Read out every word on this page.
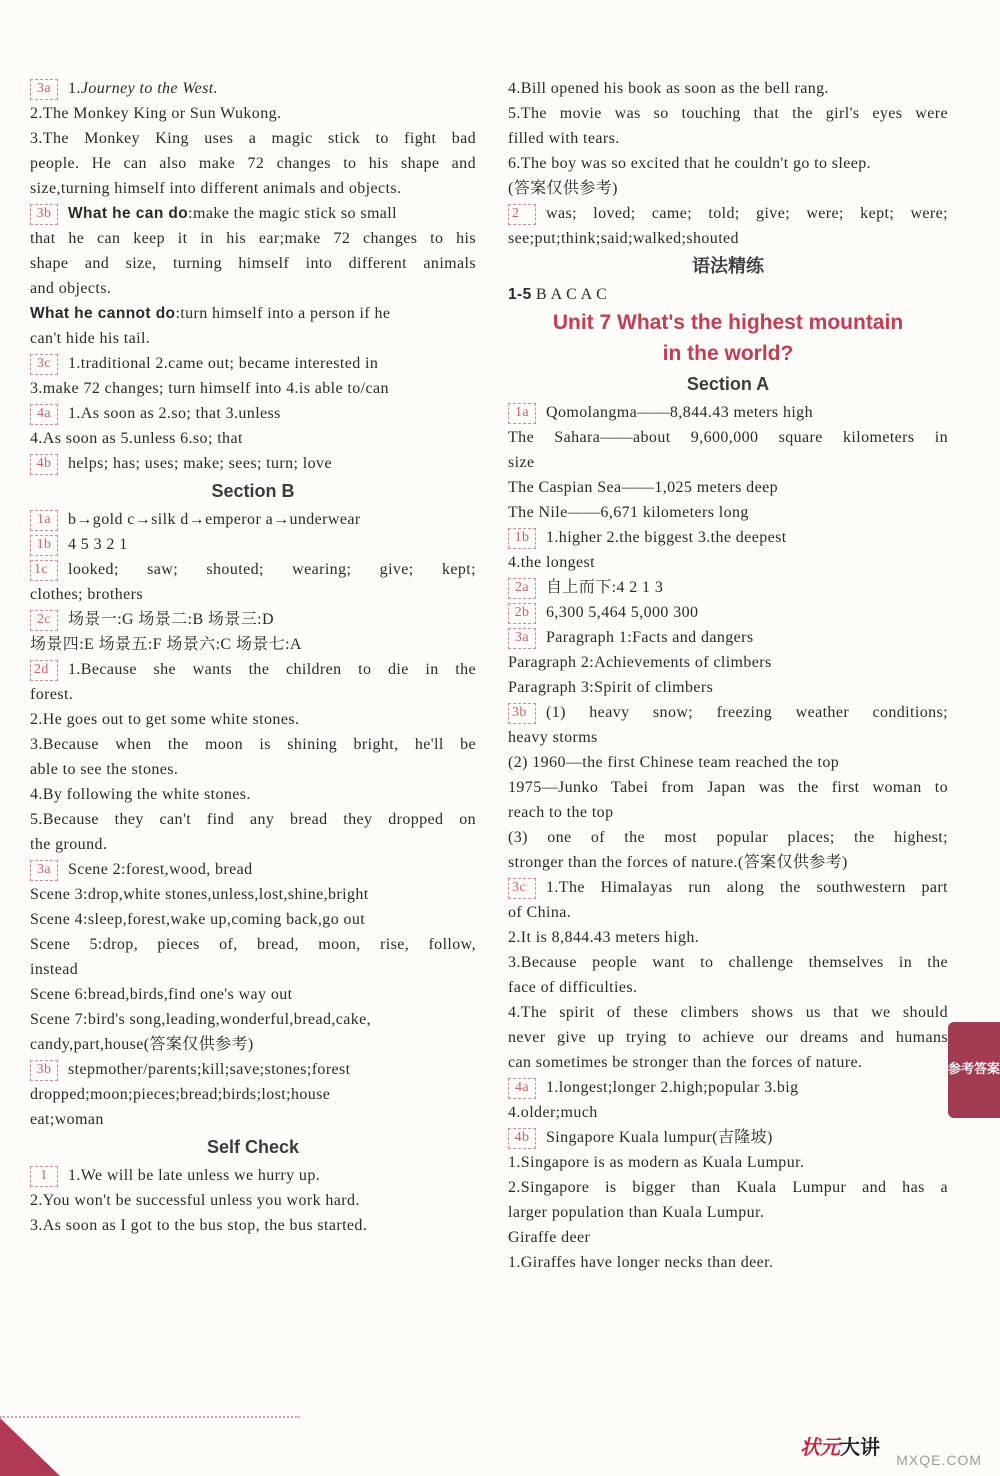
3a 1.Journey to the West.
2.The Monkey King or Sun Wukong.
3.The Monkey King uses a magic stick to fight bad
people. He can also make 72 changes to his shape and
size,turning himself into different animals and objects.
3b What he can do:make the magic stick so small
that he can keep it in his ear;make 72 changes to his
shape and size, turning himself into different animals
and objects.
What he cannot do:turn himself into a person if he
can't hide his tail.
3c 1.traditional 2.came out; became interested in
3.make 72 changes; turn himself into 4.is able to/can
4a 1.As soon as 2.so; that 3.unless
4.As soon as 5.unless 6.so; that
4b helps; has; uses; make; sees; turn; love
Section B
1a b→gold c→silk d→emperor a→underwear
1b 4 5 3 2 1
1c looked; saw; shouted; wearing; give; kept;
clothes; brothers
2c 场景一:G 场景二:B 场景三:D
场景四:E 场景五:F 场景六:C 场景七:A
2d 1.Because she wants the children to die in the
forest.
2.He goes out to get some white stones.
3.Because when the moon is shining bright, he'll be
able to see the stones.
4.By following the white stones.
5.Because they can't find any bread they dropped on
the ground.
3a Scene 2:forest,wood, bread
Scene 3:drop,white stones,unless,lost,shine,bright
Scene 4:sleep,forest,wake up,coming back,go out
Scene 5:drop, pieces of, bread, moon, rise, follow,
instead
Scene 6:bread,birds,find one's way out
Scene 7:bird's song,leading,wonderful,bread,cake,
candy,part,house(答案仅供参考)
3b stepmother/parents;kill;save;stones;forest
dropped;moon;pieces;bread;birds;lost;house
eat;woman
Self Check
1 1.We will be late unless we hurry up.
2.You won't be successful unless you work hard.
3.As soon as I got to the bus stop, the bus started.
4.Bill opened his book as soon as the bell rang.
5.The movie was so touching that the girl's eyes were
filled with tears.
6.The boy was so excited that he couldn't go to sleep.
(答案仅供参考)
2 was; loved; came; told; give; were; kept; were;
see;put;think;said;walked;shouted
语法精练
1-5 B A C A C
Unit 7 What's the highest mountain
in the world?
Section A
1a Qomolangma——8,844.43 meters high
The Sahara——about 9,600,000 square kilometers in
size
The Caspian Sea——1,025 meters deep
The Nile——6,671 kilometers long
1b 1.higher 2.the biggest 3.the deepest
4.the longest
2a 自上而下:4 2 1 3
2b 6,300 5,464 5,000 300
3a Paragraph 1:Facts and dangers
Paragraph 2:Achievements of climbers
Paragraph 3:Spirit of climbers
3b (1) heavy snow; freezing weather conditions;
heavy storms
(2) 1960—the first Chinese team reached the top
1975—Junko Tabei from Japan was the first woman to
reach to the top
(3) one of the most popular places; the highest;
stronger than the forces of nature.(答案仅供参考)
3c 1.The Himalayas run along the southwestern part
of China.
2.It is 8,844.43 meters high.
3.Because people want to challenge themselves in the
face of difficulties.
4.The spirit of these climbers shows us that we should
never give up trying to achieve our dreams and humans
can sometimes be stronger than the forces of nature.
4a 1.longest;longer 2.high;popular 3.big
4.older;much
4b Singapore Kuala lumpur(吉隆坡)
1.Singapore is as modern as Kuala Lumpur.
2.Singapore is bigger than Kuala Lumpur and has a
larger population than Kuala Lumpur.
Giraffe deer
1.Giraffes have longer necks than deer.
参考答案
状元大讲
MXQE.COM
